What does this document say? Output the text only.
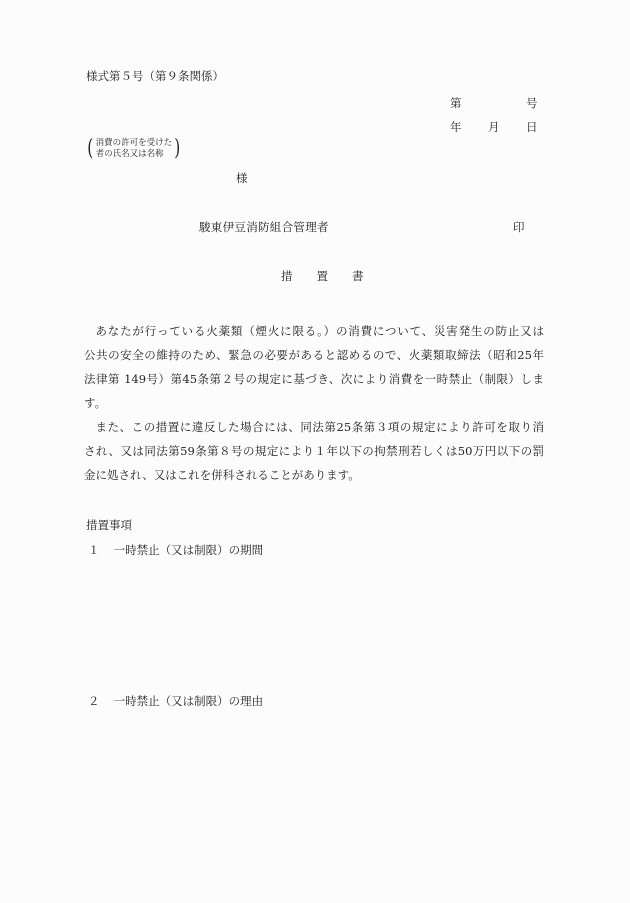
様式第５号（第９条関係）
第	号
年 月 日
( 消費の許可を受けた
者の氏名又は名称 )
様
駿東伊豆消防組合管理者	印
措置書
あなたが行っている火薬類（煙火に限る。）の消費について、災害発生の防止又は
公共の安全の維持のため、緊急の必要があると認めるので、火薬類取締法（昭和25年
法律第 149号）第45条第２号の規定に基づき、次により消費を一時禁止（制限）しま
す。
また、この措置に違反した場合には、同法第25条第３項の規定により許可を取り消
され、又は同法第59条第８号の規定により１年以下の拘禁刑若しくは50万円以下の罰
金に処され、又はこれを併科されることがあります。
措置事項
１ 一時禁止（又は制限）の期間
２ 一時禁止（又は制限）の理由
